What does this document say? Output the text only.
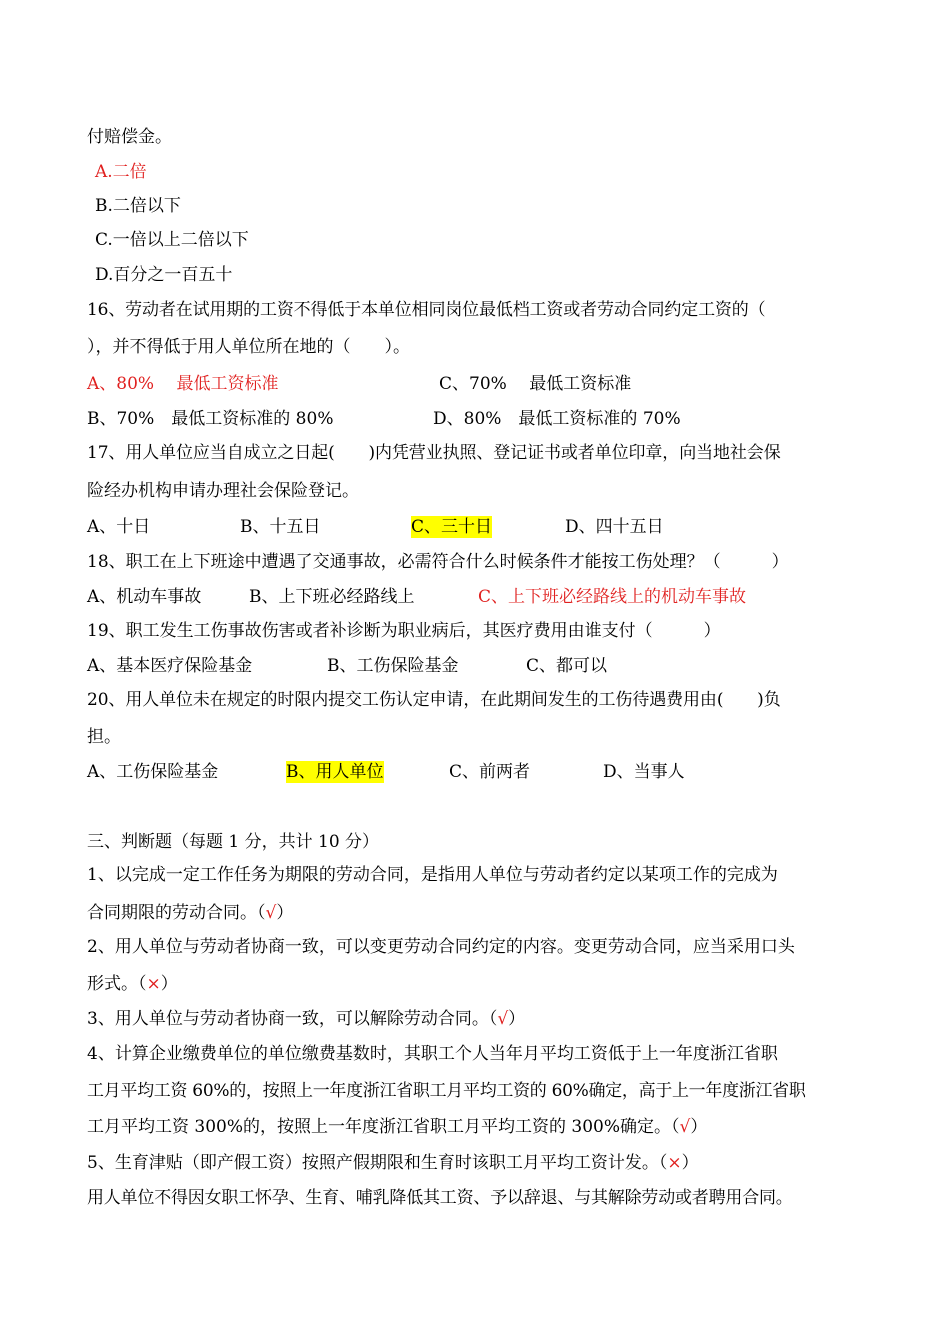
付赔偿金。
A.二倍
B.二倍以下
C.一倍以上二倍以下
D.百分之一百五十
16、劳动者在试用期的工资不得低于本单位相同岗位最低档工资或者劳动合同约定工资的（
），并不得低于用人单位所在地的（　　）。
A、80%　 最低工资标准	C、70%　 最低工资标准
B、70%　最低工资标准的 80%	D、80%　最低工资标准的 70%
17、用人单位应当自成立之日起(　　)内凭营业执照、登记证书或者单位印章，向当地社会保
险经办机构申请办理社会保险登记。
A、十日	B、十五日	C、三十日	D、四十五日
18、职工在上下班途中遭遇了交通事故，必需符合什么时候条件才能按工伤处理？（　　　）
A、机动车事故	B、上下班必经路线上	C、上下班必经路线上的机动车事故
19、职工发生工伤事故伤害或者补诊断为职业病后，其医疗费用由谁支付（　　　）
A、基本医疗保险基金	B、工伤保险基金	C、都可以
20、用人单位未在规定的时限内提交工伤认定申请，在此期间发生的工伤待遇费用由(　　)负
担。
A、工伤保险基金	B、用人单位	C、前两者	D、当事人
三、判断题（每题 1 分，共计 10 分）
1、以完成一定工作任务为期限的劳动合同，是指用人单位与劳动者约定以某项工作的完成为
合同期限的劳动合同。（√）
2、用人单位与劳动者协商一致，可以变更劳动合同约定的内容。变更劳动合同，应当采用口头
形式。（×）
3、用人单位与劳动者协商一致，可以解除劳动合同。（√）
4、计算企业缴费单位的单位缴费基数时，其职工个人当年月平均工资低于上一年度浙江省职
工月平均工资 60%的，按照上一年度浙江省职工月平均工资的 60%确定，高于上一年度浙江省职
工月平均工资 300%的，按照上一年度浙江省职工月平均工资的 300%确定。（√）
5、生育津贴（即产假工资）按照产假期限和生育时该职工月平均工资计发。（×）
用人单位不得因女职工怀孕、生育、哺乳降低其工资、予以辞退、与其解除劳动或者聘用合同。
